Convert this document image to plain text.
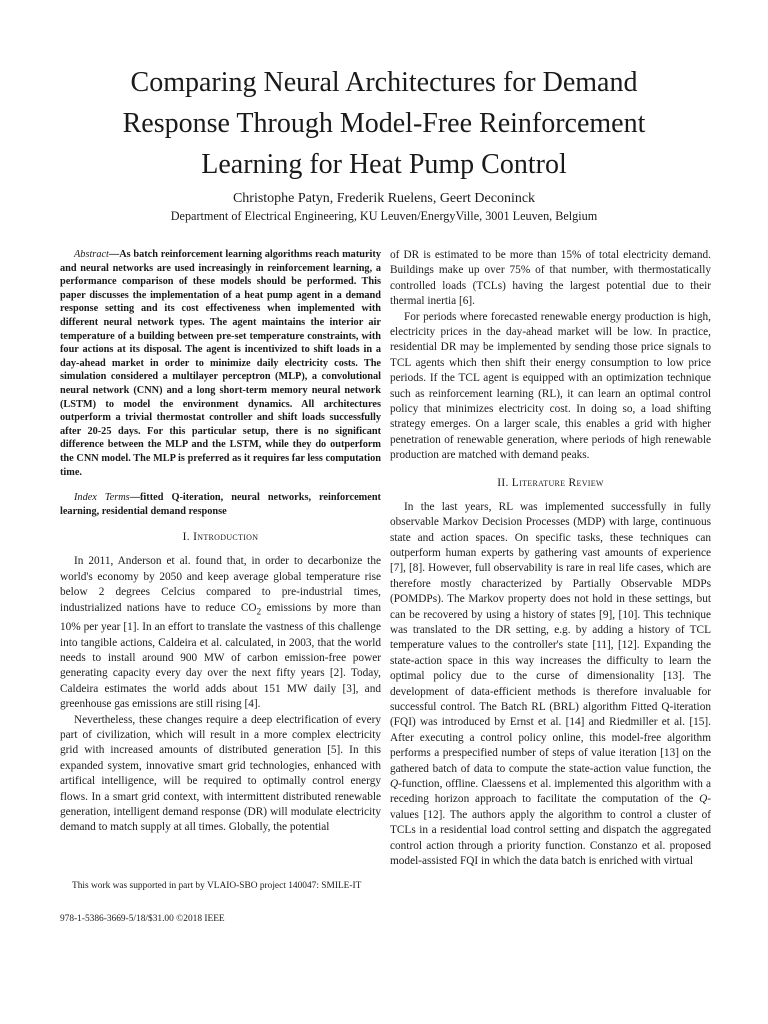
Comparing Neural Architectures for Demand
Response Through Model-Free Reinforcement
Learning for Heat Pump Control
Christophe Patyn, Frederik Ruelens, Geert Deconinck
Department of Electrical Engineering, KU Leuven/EnergyVille, 3001 Leuven, Belgium

Abstract—As batch reinforcement learning algorithms reach maturity and neural networks are used increasingly in reinforcement learning, a performance comparison of these models should be performed. This paper discusses the implementation of a heat pump agent in a demand response setting and its cost effectiveness when implemented with different neural network types. The agent maintains the interior air temperature of a building between pre-set temperature constraints, with four actions at its disposal. The agent is incentivized to shift loads in a day-ahead market in order to minimize daily electricity costs. The simulation considered a multilayer perceptron (MLP), a convolutional neural network (CNN) and a long short-term memory neural network (LSTM) to model the environment dynamics. All architectures outperform a trivial thermostat controller and shift loads successfully after 20-25 days. For this particular setup, there is no significant difference between the MLP and the LSTM, while they do outperform the CNN model. The MLP is preferred as it requires far less computation time.

Index Terms—fitted Q-iteration, neural networks, reinforcement learning, residential demand response

I. Introduction

In 2011, Anderson et al. found that, in order to decarbonize the world's economy by 2050 and keep average global temperature rise below 2 degrees Celcius compared to pre-industrial times, industrialized nations have to reduce $CO_2$ emissions by more than 10% per year [1]. In an effort to translate the vastness of this challenge into tangible actions, Caldeira et al. calculated, in 2003, that the world needs to install around 900 MW of carbon emission-free power generating capacity every day over the next fifty years [2]. Today, Caldeira estimates the world adds about 151 MW daily [3], and greenhouse gas emissions are still rising [4].

Nevertheless, these changes require a deep electrification of every part of civilization, which will result in a more complex electricity grid with increased amounts of distributed generation [5]. In this expanded system, innovative smart grid technologies, enhanced with artifical intelligence, will be required to optimally control energy flows. In a smart grid context, with intermittent distributed renewable generation, intelligent demand response (DR) will modulate electricity demand to match supply at all times. Globally, the potential

of DR is estimated to be more than 15% of total electricity demand. Buildings make up over 75% of that number, with thermostatically controlled loads (TCLs) having the largest potential due to their thermal inertia [6].

For periods where forecasted renewable energy production is high, electricity prices in the day-ahead market will be low. In practice, residential DR may be implemented by sending those price signals to TCL agents which then shift their energy consumption to low price periods. If the TCL agent is equipped with an optimization technique such as reinforcement learning (RL), it can learn an optimal control policy that minimizes electricity cost. In doing so, a load shifting strategy emerges. On a larger scale, this enables a grid with higher penetration of renewable generation, where periods of high renewable production are matched with demand peaks.

II. Literature Review

In the last years, RL was implemented successfully in fully observable Markov Decision Processes (MDP) with large, continuous state and action spaces. On specific tasks, these techniques can outperform human experts by gathering vast amounts of experience [7], [8]. However, full observability is rare in real life cases, which are therefore mostly characterized by Partially Observable MDPs (POMDPs). The Markov property does not hold in these settings, but can be recovered by using a history of states [9], [10]. This technique was translated to the DR setting, e.g. by adding a history of TCL temperature values to the controller's state [11], [12]. Expanding the state-action space in this way increases the difficulty to learn the optimal policy due to the curse of dimensionality [13]. The development of data-efficient methods is therefore invaluable for successful control. The Batch RL (BRL) algorithm Fitted Q-iteration (FQI) was introduced by Ernst et al. [14] and Riedmiller et al. [15]. After executing a control policy online, this model-free algorithm performs a prespecified number of steps of value iteration [13] on the gathered batch of data to compute the state-action value function, the Q-function, offline. Claessens et al. implemented this algorithm with a receding horizon approach to facilitate the computation of the Q-values [12]. The authors apply the algorithm to control a cluster of TCLs in a residential load control setting and dispatch the aggregated control action through a priority function. Constanzo et al. proposed model-assisted FQI in which the data batch is enriched with virtual

This work was supported in part by VLAIO-SBO project 140047: SMILE-IT

978-1-5386-3669-5/18/$31.00 ©2018 IEEE
